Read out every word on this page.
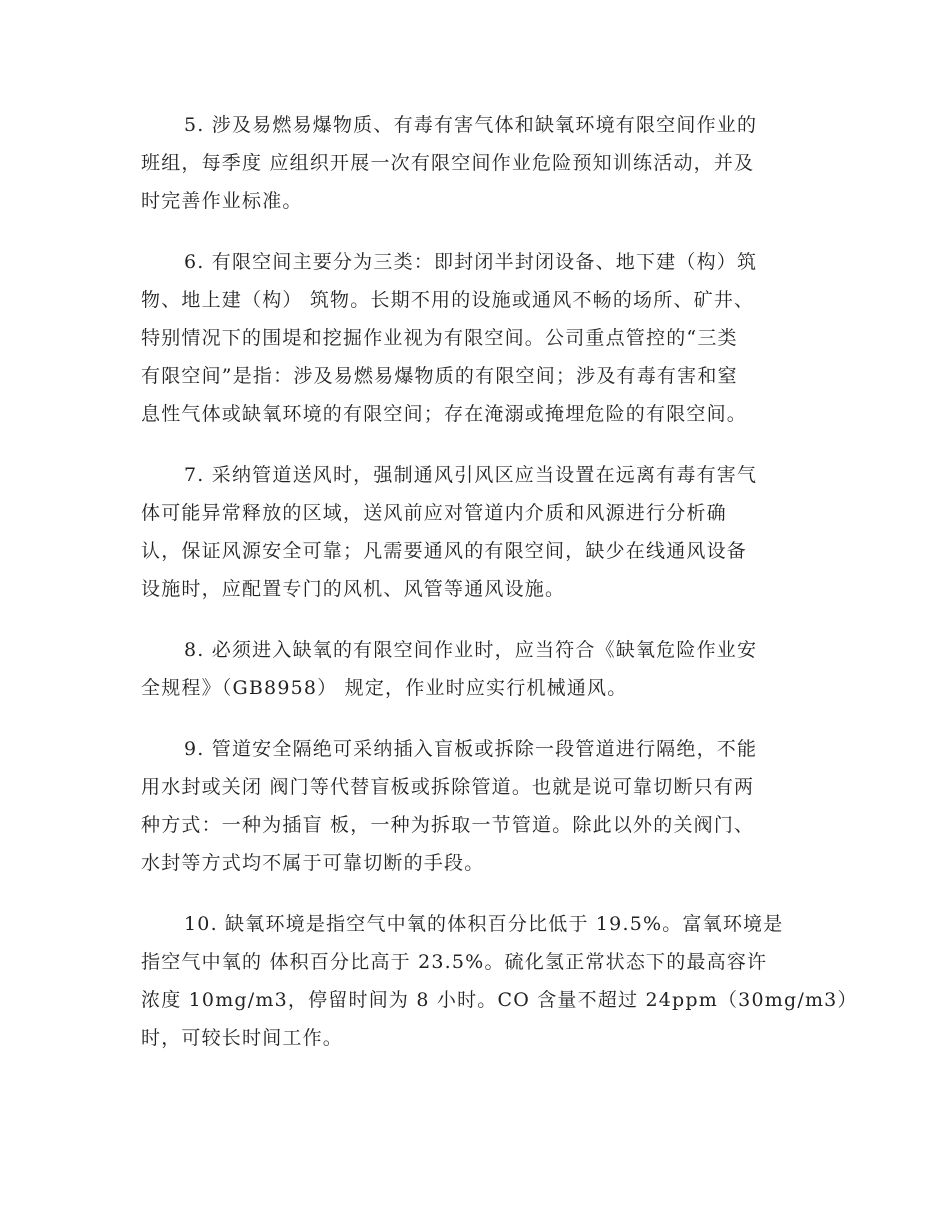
5. 涉及易燃易爆物质、有毒有害气体和缺氧环境有限空间作业的
班组，每季度 应组织开展一次有限空间作业危险预知训练活动，并及
时完善作业标准。

6. 有限空间主要分为三类：即封闭半封闭设备、地下建（构）筑
物、地上建（构） 筑物。长期不用的设施或通风不畅的场所、矿井、
特别情况下的围堤和挖掘作业视为有限空间。公司重点管控的“三类
有限空间”是指：涉及易燃易爆物质的有限空间；涉及有毒有害和窒
息性气体或缺氧环境的有限空间；存在淹溺或掩埋危险的有限空间。

7. 采纳管道送风时，强制通风引风区应当设置在远离有毒有害气
体可能异常释放的区域，送风前应对管道内介质和风源进行分析确
认，保证风源安全可靠；凡需要通风的有限空间，缺少在线通风设备
设施时，应配置专门的风机、风管等通风设施。

8. 必须进入缺氧的有限空间作业时，应当符合《缺氧危险作业安
全规程》（GB8958） 规定，作业时应实行机械通风。

9. 管道安全隔绝可采纳插入盲板或拆除一段管道进行隔绝，不能
用水封或关闭 阀门等代替盲板或拆除管道。也就是说可靠切断只有两
种方式：一种为插盲 板，一种为拆取一节管道。除此以外的关阀门、
水封等方式均不属于可靠切断的手段。

10. 缺氧环境是指空气中氧的体积百分比低于 19.5%。富氧环境是
指空气中氧的 体积百分比高于 23.5%。硫化氢正常状态下的最高容许
浓度 10mg/m3，停留时间为 8 小时。CO 含量不超过 24ppm（30mg/m3）
时，可较长时间工作。
